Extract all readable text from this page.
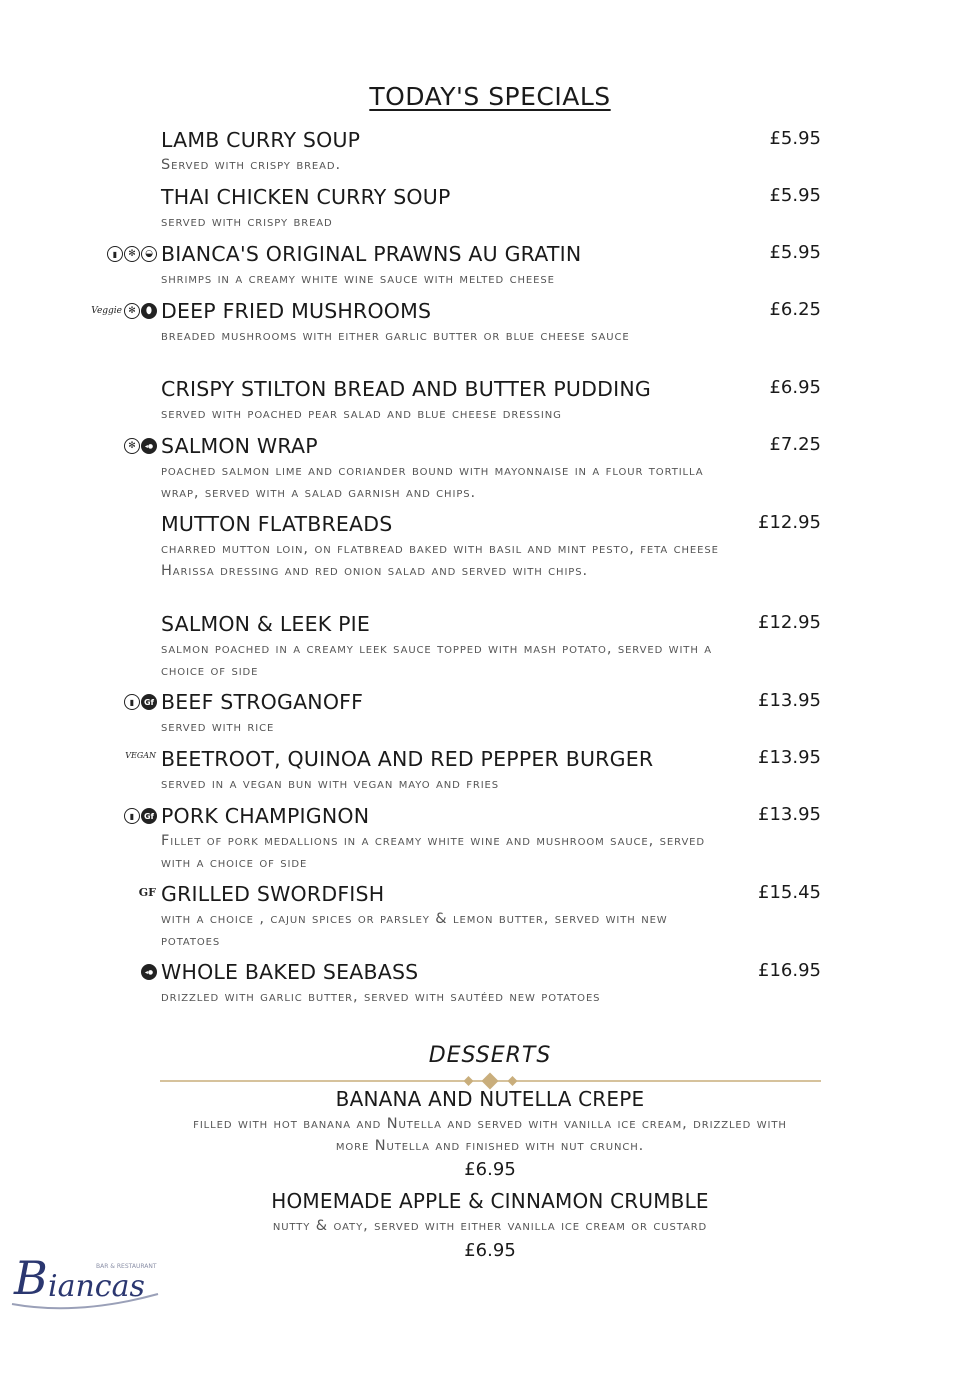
TODAY'S SPECIALS
LAMB CURRY SOUP	£5.95
Served with crispy bread.
THAI CHICKEN CURRY SOUP	£5.95
served with crispy bread
▮	✻	◒ BIANCA'S ORIGINAL PRAWNS AU GRATIN	£5.95
shrimps in a creamy white wine sauce with melted cheese
Veggie ✻	⬮ DEEP FRIED MUSHROOMS	£6.25
breaded mushrooms with either garlic butter or blue cheese sauce
CRISPY STILTON BREAD AND BUTTER PUDDING	£6.95
served with poached pear salad and blue cheese dressing
✻	◂● SALMON WRAP	£7.25
poached salmon lime and coriander bound with mayonnaise in a flour tortilla wrap, served with a salad garnish and chips.
MUTTON FLATBREADS	£12.95
charred mutton loin, on flatbread baked with basil and mint pesto, feta cheese Harissa dressing and red onion salad and served with chips.
SALMON & LEEK PIE	£12.95
salmon poached in a creamy leek sauce topped with mash potato, served with a choice of side
▮	Gf BEEF STROGANOFF	£13.95
served with rice
VEGAN BEETROOT, QUINOA AND RED PEPPER BURGER	£13.95
served in a vegan bun with vegan mayo and fries
▮	Gf PORK CHAMPIGNON	£13.95
Fillet of pork medallions in a creamy white wine and mushroom sauce, served with a choice of side
GF GRILLED SWORDFISH	£15.45
with a choice , cajun spices or parsley & lemon butter, served with new potatoes
◂● WHOLE BAKED SEABASS	£16.95
drizzled with garlic butter, served with sautéed new potatoes
DESSERTS
BANANA AND NUTELLA CREPE
filled with hot banana and Nutella and served with vanilla ice cream, drizzled with more Nutella and finished with nut crunch.
£6.95
HOMEMADE APPLE & CINNAMON CRUMBLE
nutty & oaty, served with either vanilla ice cream or custard
£6.95
B iancas
BAR & RESTAURANT
